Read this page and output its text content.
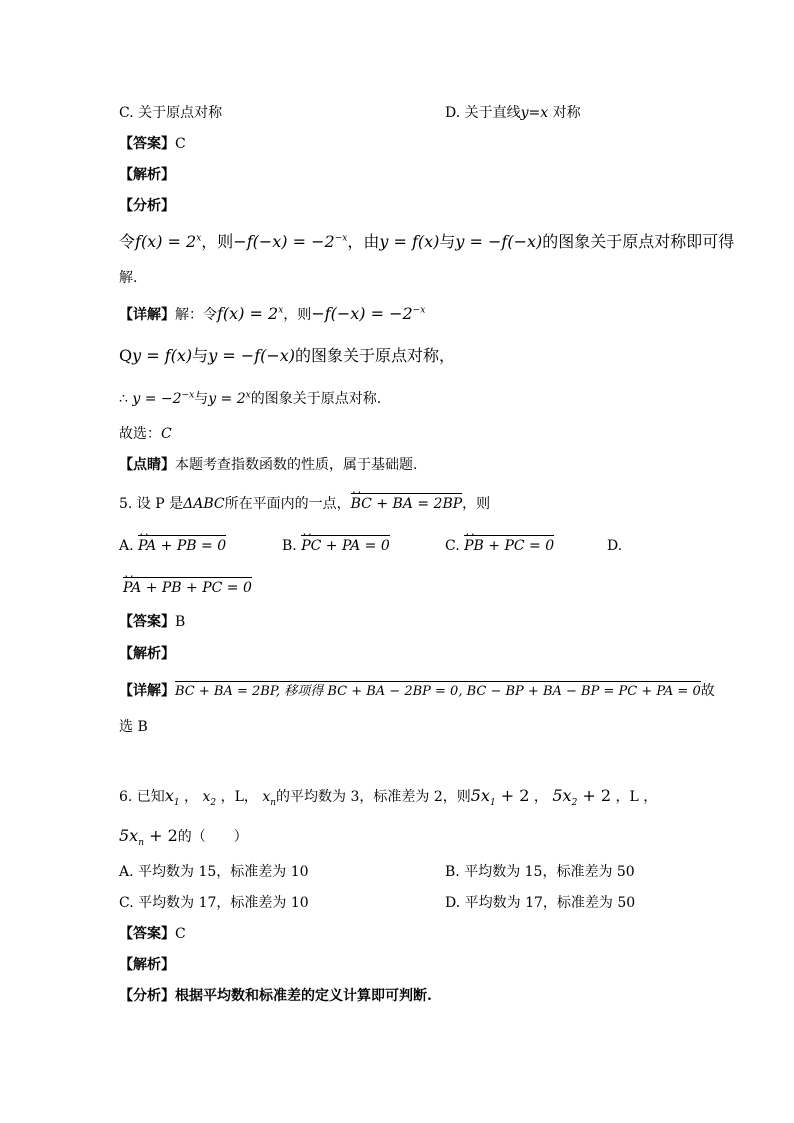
C. 关于原点对称	D. 关于直线y=x 对称
【答案】C
【解析】
【分析】
令$f(x) = 2^x$，则$-f(-x) = -2^{-x}$，由y = f(x)与y = −f(−x)的图象关于原点对称即可得
解.
【详解】解：令$f(x) = 2^x$，则$-f(-x) = -2^{-x}$
Qy = f(x)与y = −f(−x)的图象关于原点对称，
∴ $y = -2^{-x}$与$y = 2^x$的图象关于原点对称.
故选：C
【点睛】本题考查指数函数的性质，属于基础题.
5. 设 P 是ΔABC所在平面内的一点，BC + BA = 2BP ꞏꞏ，则
A. PA + PB = 0 ꞏꞏ	B. PC + PA = 0 ꞏꞏ	C. PB + PC = 0 ꞏꞏ	D.
PA + PB + PC = 0 ꞏꞏ
【答案】B
【解析】
【详解】BC + BA = 2BP, 移项得 BC + BA − 2BP = 0, BC − BP + BA − BP = PC + PA = 0故
选 B
6. 已知$x_1$ ， $x_2$ ，L， $x_n$的平均数为 3，标准差为 2，则$5x_1 + 2$ ， $5x_2 + 2$ ，L ，
$5x_n + 2$的（　　）
A. 平均数为 15，标准差为 10	B. 平均数为 15，标准差为 50
C. 平均数为 17，标准差为 10	D. 平均数为 17，标准差为 50
【答案】C
【解析】
【分析】根据平均数和标准差的定义计算即可判断.
